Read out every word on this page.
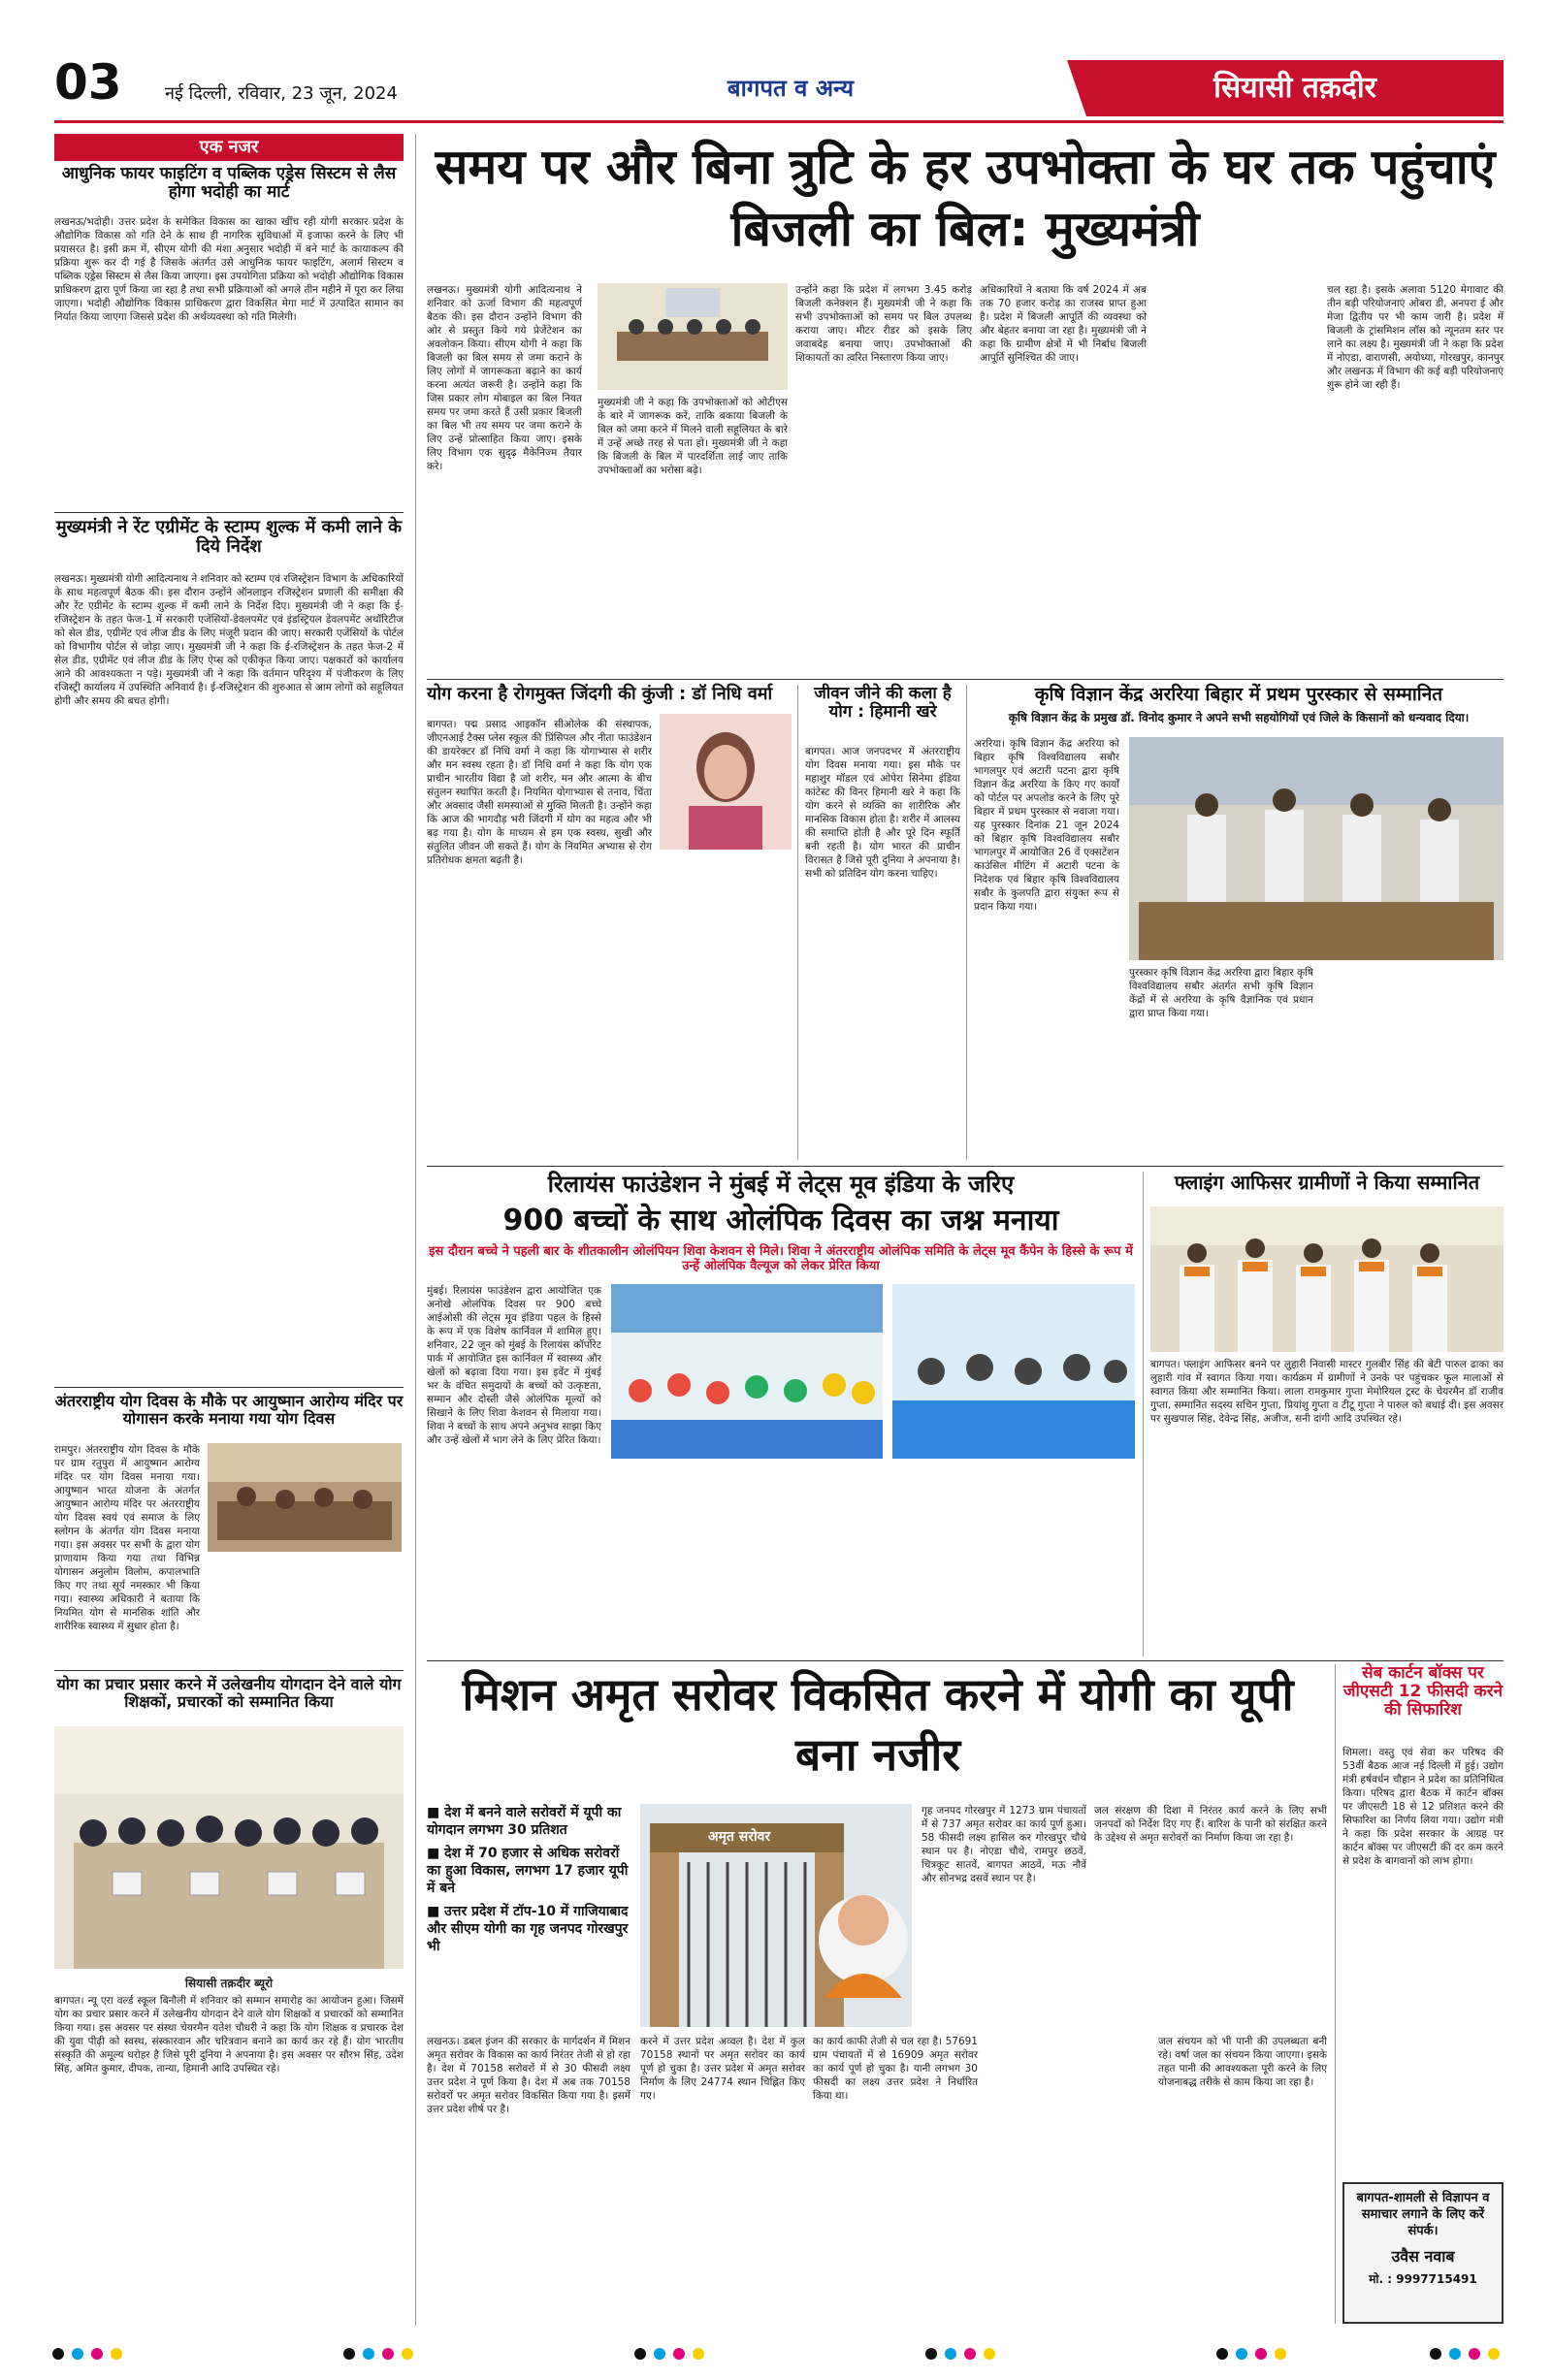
03 नई दिल्ली, रविवार, 23 जून, 2024	बागपत व अन्य	सियासी तक़दीर
एक नजर
आधुनिक फायर फाइटिंग व पब्लिक एड्रेस सिस्टम से लैस होगा भदोही का मार्ट
लखनऊ/भदोही। उत्तर प्रदेश के समेकित विकास का खाका खींच रही योगी सरकार प्रदेश के औद्योगिक विकास को गति देने के साथ ही नागरिक सुविधाओं में इजाफा करने के लिए भी प्रयासरत है। इसी क्रम में, सीएम योगी की मंशा अनुसार भदोही में बने मार्ट के कायाकल्प की प्रक्रिया शुरू कर दी गई है जिसके अंतर्गत उसे आधुनिक फायर फाइटिंग, अलार्म सिस्टम व पब्लिक एड्रेस सिस्टम से लैस किया जाएगा। इस उपयोगिता प्रक्रिया को भदोही औद्योगिक विकास प्राधिकरण द्वारा पूर्ण किया जा रहा है तथा सभी प्रक्रियाओं को अगले तीन महीने में पूरा कर लिया जाएगा। भदोही औद्योगिक विकास प्राधिकरण द्वारा विकसित मेगा मार्ट में उत्पादित सामान का निर्यात किया जाएगा जिससे प्रदेश की अर्थव्यवस्था को गति मिलेगी।
मुख्यमंत्री ने रेंट एग्रीमेंट के स्टाम्प शुल्क में कमी लाने के दिये निर्देश
लखनऊ। मुख्यमंत्री योगी आदित्यनाथ ने शनिवार को स्टाम्प एवं रजिस्ट्रेशन विभाग के अधिकारियों के साथ महत्वपूर्ण बैठक की। इस दौरान उन्होंने ऑनलाइन रजिस्ट्रेशन प्रणाली की समीक्षा की और रेंट एग्रीमेंट के स्टाम्प शुल्क में कमी लाने के निर्देश दिए। मुख्यमंत्री जी ने कहा कि ई-रजिस्ट्रेशन के तहत फेज-1 में सरकारी एजेंसियों-डेवलपमेंट एवं इंडस्ट्रियल डेवलपमेंट अथॉरिटीज को सेल डीड, एग्रीमेंट एवं लीज डीड के लिए मंजूरी प्रदान की जाए। सरकारी एजेंसियों के पोर्टल को विभागीय पोर्टल से जोड़ा जाए। मुख्यमंत्री जी ने कहा कि ई-रजिस्ट्रेशन के तहत फेज-2 में सेल डीड, एग्रीमेंट एवं लीज डीड के लिए ऐप्स को एकीकृत किया जाए। पक्षकारों को कार्यालय आने की आवश्यकता न पड़े। मुख्यमंत्री जी ने कहा कि वर्तमान परिदृश्य में पंजीकरण के लिए रजिस्ट्री कार्यालय में उपस्थिति अनिवार्य है। ई-रजिस्ट्रेशन की शुरुआत से आम लोगों को सहूलियत होगी और समय की बचत होगी।
अंतरराष्ट्रीय योग दिवस के मौके पर आयुष्मान आरोग्य मंदिर पर योगासन करके मनाया गया योग दिवस
रामपुर। अंतरराष्ट्रीय योग दिवस के मौके पर ग्राम रतुपुरा में आयुष्मान आरोग्य मंदिर पर योग दिवस मनाया गया। आयुष्मान भारत योजना के अंतर्गत आयुष्मान आरोग्य मंदिर पर अंतरराष्ट्रीय योग दिवस स्वयं एवं समाज के लिए स्लोगन के अंतर्गत योग दिवस मनाया गया। इस अवसर पर सभी के द्वारा योग प्राणायाम किया गया तथा विभिन्न योगासन अनुलोम विलोम, कपालभाति किए गए तथा सूर्य नमस्कार भी किया गया। स्वास्थ्य अधिकारी ने बताया कि नियमित योग से मानसिक शांति और शारीरिक स्वास्थ्य में सुधार होता है।
योग का प्रचार प्रसार करने में उलेखनीय योगदान देने वाले योग शिक्षकों, प्रचारकों को सम्मानित किया
सियासी तक़दीर ब्यूरो
बागपत। न्यू एरा वर्ल्ड स्कूल बिनौली में शनिवार को सम्मान समारोह का आयोजन हुआ। जिसमें योग का प्रचार प्रसार करने में उलेखनीय योगदान देने वाले योग शिक्षकों व प्रचारकों को सम्मानित किया गया। इस अवसर पर संस्था चेयरमैन यतेश चौधरी ने कहा कि योग शिक्षक व प्रचारक देश की युवा पीढ़ी को स्वस्थ, संस्कारवान और चरित्रवान बनाने का कार्य कर रहे हैं। योग भारतीय संस्कृति की अमूल्य धरोहर है जिसे पूरी दुनिया ने अपनाया है। इस अवसर पर सौरभ सिंह, उदेश सिंह, अमित कुमार, दीपक, तान्या, हिमानी आदि उपस्थित रहे।
समय पर और बिना त्रुटि के हर उपभोक्ता के घर तक पहुंचाएं बिजली का बिल: मुख्यमंत्री
लखनऊ। मुख्यमंत्री योगी आदित्यनाथ ने शनिवार को ऊर्जा विभाग की महत्वपूर्ण बैठक की। इस दौरान उन्होंने विभाग की ओर से प्रस्तुत किये गये प्रेजेंटेशन का अवलोकन किया। सीएम योगी ने कहा कि बिजली का बिल समय से जमा कराने के लिए लोगों में जागरूकता बढ़ाने का कार्य करना अत्यंत जरूरी है। उन्होंने कहा कि जिस प्रकार लोग मोबाइल का बिल नियत समय पर जमा करते हैं उसी प्रकार बिजली का बिल भी तय समय पर जमा कराने के लिए उन्हें प्रोत्साहित किया जाए। इसके लिए विभाग एक सुदृढ़ मैकेनिज्म तैयार करे।
मुख्यमंत्री जी ने कहा कि उपभोक्ताओं को ओटीएस के बारे में जागरूक करें, ताकि बकाया बिजली के बिल को जमा करने में मिलने वाली सहूलियत के बारे में उन्हें अच्छे तरह से पता हो। मुख्यमंत्री जी ने कहा कि बिजली के बिल में पारदर्शिता लाई जाए ताकि उपभोक्ताओं का भरोसा बढ़े।
उन्होंने कहा कि प्रदेश में लगभग 3.45 करोड़ बिजली कनेक्शन हैं। मुख्यमंत्री जी ने कहा कि सभी उपभोक्ताओं को समय पर बिल उपलब्ध कराया जाए। मीटर रीडर को इसके लिए जवाबदेह बनाया जाए। उपभोक्ताओं की शिकायतों का त्वरित निस्तारण किया जाए।
अधिकारियों ने बताया कि वर्ष 2024 में अब तक 70 हजार करोड़ का राजस्व प्राप्त हुआ है। प्रदेश में बिजली आपूर्ति की व्यवस्था को और बेहतर बनाया जा रहा है। मुख्यमंत्री जी ने कहा कि ग्रामीण क्षेत्रों में भी निर्बाध बिजली आपूर्ति सुनिश्चित की जाए।
चल रहा है। इसके अलावा 5120 मेगावाट की तीन बड़ी परियोजनाएं ओबरा डी, अनपरा ई और मेजा द्वितीय पर भी काम जारी है। प्रदेश में बिजली के ट्रांसमिशन लॉस को न्यूनतम स्तर पर लाने का लक्ष्य है। मुख्यमंत्री जी ने कहा कि प्रदेश में नोएडा, वाराणसी, अयोध्या, गोरखपुर, कानपुर और लखनऊ में विभाग की कई बड़ी परियोजनाएं शुरू होने जा रही हैं।
योग करना है रोगमुक्त जिंदगी की कुंजी : डॉ निधि वर्मा
बागपत। पद्म प्रसाद आइकॉन सीओलेक की संस्थापक, जीएनआई टैक्स प्लेस स्कूल की प्रिंसिपल और नीता फाउंडेशन की डायरेक्टर डॉ निधि वर्मा ने कहा कि योगाभ्यास से शरीर और मन स्वस्थ रहता है। डॉ निधि वर्मा ने कहा कि योग एक प्राचीन भारतीय विद्या है जो शरीर, मन और आत्मा के बीच संतुलन स्थापित करती है। नियमित योगाभ्यास से तनाव, चिंता और अवसाद जैसी समस्याओं से मुक्ति मिलती है। उन्होंने कहा कि आज की भागदौड़ भरी जिंदगी में योग का महत्व और भी बढ़ गया है। योग के माध्यम से हम एक स्वस्थ, सुखी और संतुलित जीवन जी सकते हैं। योग के नियमित अभ्यास से रोग प्रतिरोधक क्षमता बढ़ती है।
जीवन जीने की कला है योग : हिमानी खरे
बागपत। आज जनपदभर में अंतरराष्ट्रीय योग दिवस मनाया गया। इस मौके पर महाशुर मॉडल एवं ओपेरा सिनेमा इंडिया कांटेस्ट की विनर हिमानी खरे ने कहा कि योग करने से व्यक्ति का शारीरिक और मानसिक विकास होता है। शरीर में आलस्य की समाप्ति होती है और पूरे दिन स्फूर्ति बनी रहती है। योग भारत की प्राचीन विरासत है जिसे पूरी दुनिया ने अपनाया है। सभी को प्रतिदिन योग करना चाहिए।
कृषि विज्ञान केंद्र अररिया बिहार में प्रथम पुरस्कार से सम्मानित
कृषि विज्ञान केंद्र के प्रमुख डॉ. विनोद कुमार ने अपने सभी सहयोगियों एवं जिले के किसानों को धन्यवाद दिया।
अररिया। कृषि विज्ञान केंद्र अररिया को बिहार कृषि विश्वविद्यालय सबौर भागलपुर एवं अटारी पटना द्वारा कृषि विज्ञान केंद्र अररिया के किए गए कार्यों को पोर्टल पर अपलोड करने के लिए पूरे बिहार में प्रथम पुरस्कार से नवाजा गया। यह पुरस्कार दिनांक 21 जून 2024 को बिहार कृषि विश्वविद्यालय सबौर भागलपुर में आयोजित 26 वें एक्सटेंशन काउंसिल मीटिंग में अटारी पटना के निदेशक एवं बिहार कृषि विश्वविद्यालय सबौर के कुलपति द्वारा संयुक्त रूप से प्रदान किया गया।
पुरस्कार कृषि विज्ञान केंद्र अररिया द्वारा बिहार कृषि विश्वविद्यालय सबौर अंतर्गत सभी कृषि विज्ञान केंद्रों में से अररिया के कृषि वैज्ञानिक एवं प्रधान द्वारा प्राप्त किया गया।
रिलायंस फाउंडेशन ने मुंबई में लेट्स मूव इंडिया के जरिए
900 बच्चों के साथ ओलंपिक दिवस का जश्न मनाया
इस दौरान बच्चे ने पहली बार के शीतकालीन ओलंपियन शिवा केशवन से मिले। शिवा ने अंतरराष्ट्रीय ओलंपिक समिति के लेट्स मूव कैंपेन के हिस्से के रूप में उन्हें ओलंपिक वैल्यूज को लेकर प्रेरित किया
मुंबई। रिलायंस फाउंडेशन द्वारा आयोजित एक अनोखे ओलंपिक दिवस पर 900 बच्चे आईओसी की लेट्स मूव इंडिया पहल के हिस्से के रूप में एक विशेष कार्निवल में शामिल हुए। शनिवार, 22 जून को मुंबई के रिलायंस कॉर्पोरेट पार्क में आयोजित इस कार्निवल में स्वास्थ्य और खेलों को बढ़ावा दिया गया। इस इवेंट में मुंबई भर के वंचित समुदायों के बच्चों को उत्कृष्टता, सम्मान और दोस्ती जैसे ओलंपिक मूल्यों को सिखाने के लिए शिवा केशवन से मिलाया गया। शिवा ने बच्चों के साथ अपने अनुभव साझा किए और उन्हें खेलों में भाग लेने के लिए प्रेरित किया।
फ्लाइंग आफिसर ग्रामीणों ने किया सम्मानित
बागपत। फ्लाइंग आफिसर बनने पर लुहारी निवासी मास्टर गुलबीर सिंह की बेटी पारुल ढाका का लुहारी गांव में स्वागत किया गया। कार्यक्रम में ग्रामीणों ने उनके पर पहुंचकर फूल मालाओं से स्वागत किया और सम्मानित किया। लाला रामकुमार गुप्ता मेमोरियल ट्रस्ट के चेयरमैन डॉ राजीव गुप्ता, सम्मानित सदस्य सचिन गुप्ता, प्रियांशु गुप्ता व टीटू गुप्ता ने पारुल को बधाई दी। इस अवसर पर सुखपाल सिंह, देवेन्द्र सिंह, अजीज, सनी दांगी आदि उपस्थित रहे।
मिशन अमृत सरोवर विकसित करने में योगी का यूपी बना नजीर
■ देश में बनने वाले सरोवरों में यूपी का योगदान लगभग 30 प्रतिशत
■ देश में 70 हजार से अधिक सरोवरों का हुआ विकास, लगभग 17 हजार यूपी में बने
■ उत्तर प्रदेश में टॉप-10 में गाजियाबाद और सीएम योगी का गृह जनपद गोरखपुर भी
अमृत सरोवर
गृह जनपद गोरखपुर में 1273 ग्राम पंचायतों में से 737 अमृत सरोवर का कार्य पूर्ण हुआ। 58 फीसदी लक्ष्य हासिल कर गोरखपुर चौथे स्थान पर है। नोएडा चौथे, रामपुर छठवें, चित्रकूट सातवें, बागपत आठवें, मऊ नौवें और सोनभद्र दसवें स्थान पर है।
जल संरक्षण की दिशा में निरंतर कार्य करने के लिए सभी जनपदों को निर्देश दिए गए हैं। बारिश के पानी को संरक्षित करने के उद्देश्य से अमृत सरोवरों का निर्माण किया जा रहा है।
लखनऊ। डबल इंजन की सरकार के मार्गदर्शन में मिशन अमृत सरोवर के विकास का कार्य निरंतर तेजी से हो रहा है। देश में 70158 सरोवरों में से 30 फीसदी लक्ष्य उत्तर प्रदेश ने पूर्ण किया है। देश में अब तक 70158 सरोवरों पर अमृत सरोवर विकसित किया गया है। इसमें उत्तर प्रदेश शीर्ष पर है।
करने में उत्तर प्रदेश अव्वल है। देश में कुल 70158 स्थानों पर अमृत सरोवर का कार्य पूर्ण हो चुका है। उत्तर प्रदेश में अमृत सरोवर निर्माण के लिए 24774 स्थान चिह्नित किए गए।
का कार्य काफी तेजी से चल रहा है। 57691 ग्राम पंचायतों में से 16909 अमृत सरोवर का कार्य पूर्ण हो चुका है। यानी लगभग 30 फीसदी का लक्ष्य उत्तर प्रदेश ने निर्धारित किया था।
जल संचयन को भी पानी की उपलब्धता बनी रहे। वर्षा जल का संचयन किया जाएगा। इसके तहत पानी की आवश्यकता पूरी करने के लिए योजनाबद्ध तरीके से काम किया जा रहा है।
सेब कार्टन बॉक्स पर जीएसटी 12 फीसदी करने की सिफारिश
शिमला। वस्तु एवं सेवा कर परिषद की 53वीं बैठक आज नई दिल्ली में हुई। उद्योग मंत्री हर्षवर्धन चौहान ने प्रदेश का प्रतिनिधित्व किया। परिषद द्वारा बैठक में कार्टन बॉक्स पर जीएसटी 18 से 12 प्रतिशत करने की सिफारिश का निर्णय लिया गया। उद्योग मंत्री ने कहा कि प्रदेश सरकार के आग्रह पर कार्टन बॉक्स पर जीएसटी की दर कम करने से प्रदेश के बागवानों को लाभ होगा।
बागपत-शामली से विज्ञापन व समाचार लगाने के लिए करें संपर्क।
उवैस नवाब
मो. : 9997715491
